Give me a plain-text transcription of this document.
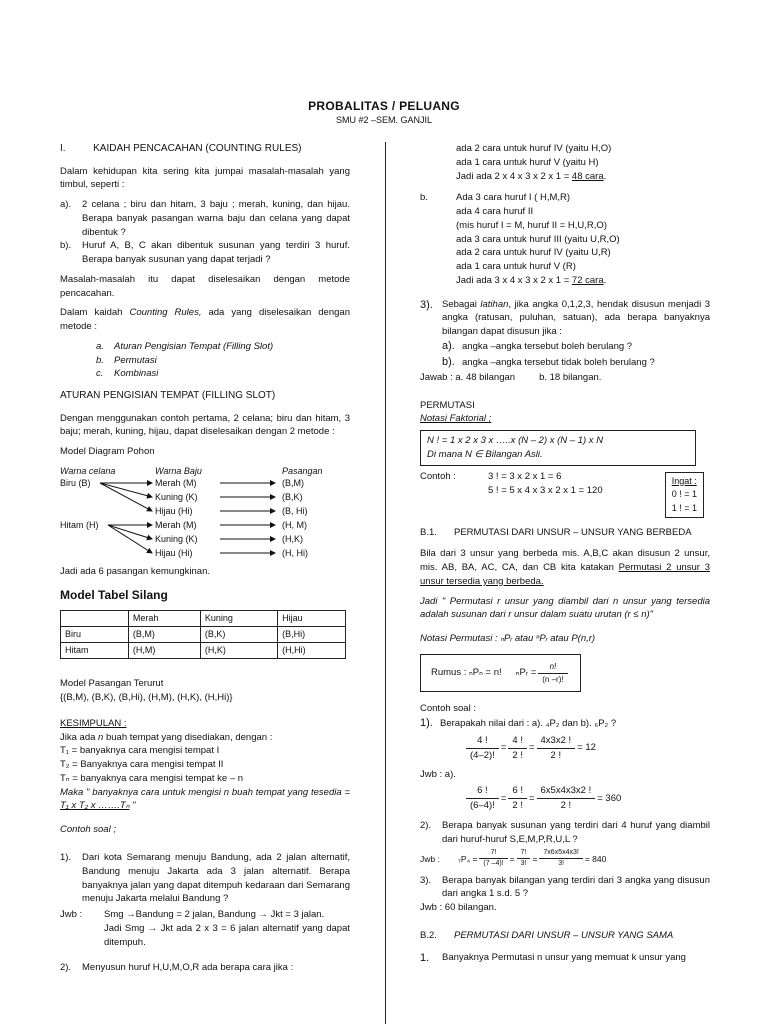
PROBALITAS / PELUANG
SMU #2 –SEM. GANJIL
I.	KAIDAH PENCACAHAN (COUNTING RULES)

Dalam kehidupan kita sering kita jumpai masalah-masalah yang timbul, seperti :

a).	2 celana ; biru dan hitam, 3 baju ; merah, kuning, dan hijau. Berapa banyak pasangan warna baju dan celana yang dapat dibentuk ?
b).	Huruf A, B, C akan dibentuk susunan yang terdiri 3 huruf. Berapa banyak susunan yang dapat terjadi ?

Masalah-masalah itu dapat diselesaikan dengan metode pencacahan.

Dalam kaidah Counting Rules, ada yang diselesaikan dengan metode :

a. Aturan Pengisian Tempat (Filling Slot)
b. Permutasi
c. Kombinasi
ATURAN PENGISIAN TEMPAT (FILLING SLOT)

Dengan menggunakan contoh pertama, 2 celana; biru dan hitam, 3 baju; merah, kuning, hijau, dapat diselesaikan dengan 2 metode :

Model Diagram Pohon

Warna celana	Warna Baju	Pasangan
Biru (B)
Hitam (H)
Merah (M)
Kuning (K)
Hijau (Hi)
Merah (M)
Kuning (K)
Hijau (Hi)
(B,M)
(B,K)
(B, Hi)
(H, M)
(H,K)
(H, Hi)

Jadi ada 6 pasangan kemungkinan.

Model Tabel Silang
	Merah	Kuning	Hijau
Biru	(B,M)	(B,K)	(B,Hi)
Hitam	(H,M)	(H,K)	(H,Hi)
Model Pasangan Terurut

{(B,M), (B,K), (B,Hi), (H,M), (H,K), (H,Hi)}

KESIMPULAN :
Jika ada n buah tempat yang disediakan, dengan :
T₁ = banyaknya cara mengisi tempat I
T₂ = Banyaknya cara mengisi tempat II
Tₙ = banyaknya cara mengisi tempat ke – n

Maka " banyaknya cara untuk mengisi n buah tempat yang tesedia = T₁ x T₂ x …….Tₙ "

Contoh soal ;

1).	Dari kota Semarang menuju Bandung, ada 2 jalan alternatif, Bandung menuju Jakarta ada 3 jalan alternatif. Berapa banyaknya jalan yang dapat ditempuh kedaraan dari Semarang menuju Jakarta melalui Bandung ?
Jwb :	Smg →Bandung = 2 jalan, Bandung → Jkt = 3 jalan.
Jadi Smg → Jkt ada 2 x 3 = 6 jalan alternatif yang dapat ditempuh.
2).	Menyusun huruf H,U,M,O,R ada berapa cara jika :
ada 2 cara untuk huruf IV (yaitu H,O)
ada 1 cara untuk huruf V (yaitu H)
Jadi ada 2 x 4 x 3 x 2 x 1 = 48 cara.
b.	Ada 3 cara huruf I ( H,M,R)
ada 4 cara huruf II
(mis huruf I = M, huruf II = H,U,R,O)
ada 3 cara untuk huruf III (yaitu U,R,O)
ada 2 cara untuk huruf IV (yaitu U,R)
ada 1 cara untuk huruf V (R)
Jadi ada 3 x 4 x 3 x 2 x 1 = 72 cara.
3). Sebagai latihan, jika angka 0,1,2,3, hendak disusun menjadi 3 angka (ratusan, puluhan, satuan), ada berapa banyaknya bilangan dapat disusun jika :
a). angka –angka tersebut boleh berulang ?
b). angka –angka tersebut tidak boleh berulang ?
Jawab : a. 48 bilangan	b. 18 bilangan.
PERMUTASI
Notasi Faktorial ;
N ! = 1 x 2 x 3 x …..x (N – 2) x (N – 1) x N
Di mana N ∈ Bilangan Asli.
Contoh :	3 ! = 3 x 2 x 1 = 6
5 ! = 5 x 4 x 3 x 2 x 1 = 120
Ingat :
0 ! = 1
1 ! = 1
B.1.	PERMUTASI DARI UNSUR – UNSUR YANG BERBEDA

Bila dari 3 unsur yang berbeda mis. A,B,C akan disusun 2 unsur, mis. AB, BA, AC, CA, dan CB kita katakan Permutasi 2 unsur 3 unsur tersedia yang berbeda.

Jadi " Permutasi r unsur yang diambil dari n unsur yang tersedia adalah susunan dari r unsur dalam suatu urutan (r ≤ n)"

Notasi Permutasi : ₙPᵣ atau ⁿPᵣ atau P(n,r)

Rumus : ₙPₙ = n! ₙPᵣ = $\frac{n!}{(n -r)!}$
Contoh soal :
1). Berapakah nilai dari : a). ₄P₂ dan b). ₆P₂ ?
$\frac{4 !}{(4-2)!} = \frac{4 !}{2 !} = \frac{4x3x2 !}{2 !} = 12$
Jwb : a).
$\frac{6 !}{(6-4)!} = \frac{6 !}{2 !} = \frac{6x5x4x3x2 !}{2 !} = 360$
2).	Berapa banyak susunan yang terdiri dari 4 huruf yang diambil dari huruf-huruf S,E,M,P,R,U,L ?
Jwb :	$_7P_4 = \frac{7!}{(7 -4)!} = \frac{7!}{3!} = \frac{7x6x5x4x3!}{3!} = 840$
3).	Berapa banyak bilangan yang terdiri dari 3 angka yang disusun dari angka 1 s.d. 5 ?
Jwb : 60 bilangan.
B.2.	PERMUTASI DARI UNSUR – UNSUR YANG SAMA
1.	Banyaknya Permutasi n unsur yang memuat k unsur yang
